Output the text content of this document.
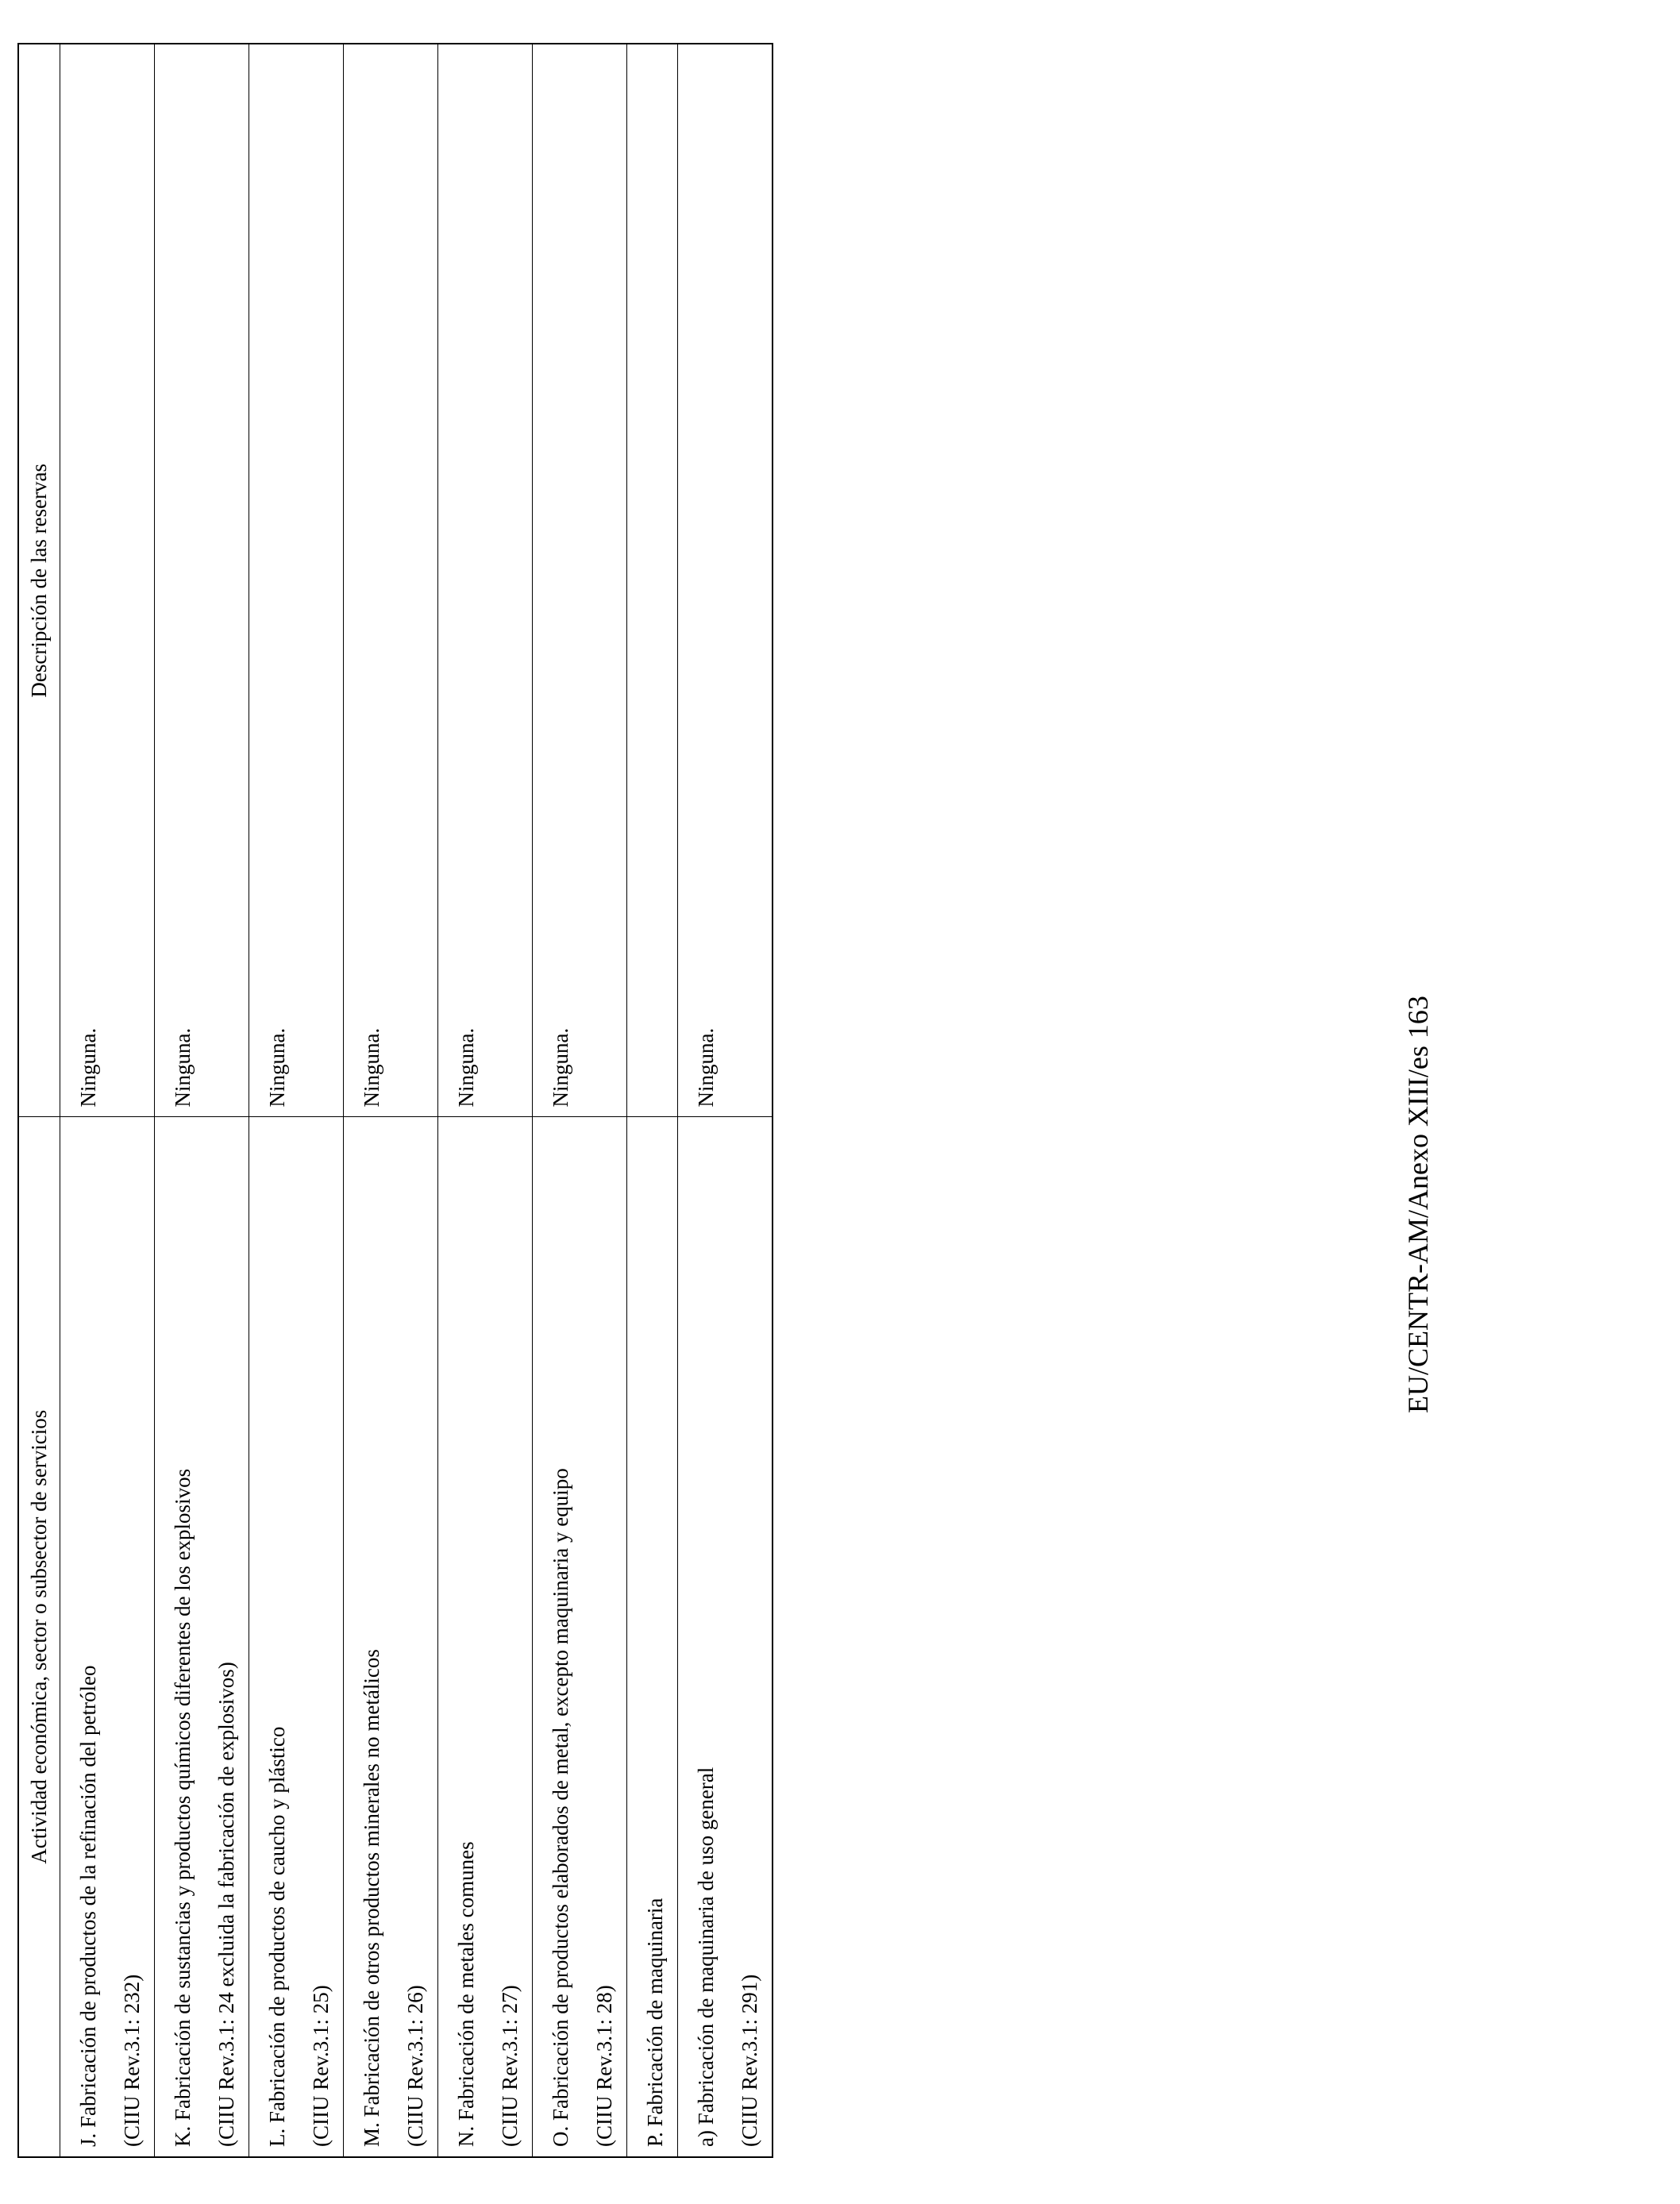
Actividad económica, sector o subsector de servicios	Descripción de las reservas

J. Fabricación de productos de la refinación del petróleo (CIIU Rev.3.1: 232)	Ninguna.

K. Fabricación de sustancias y productos químicos diferentes de los explosivos (CIIU Rev.3.1: 24 excluida la fabricación de explosivos)	Ninguna.

L. Fabricación de productos de caucho y plástico (CIIU Rev.3.1: 25)	Ninguna.

M. Fabricación de otros productos minerales no metálicos (CIIU Rev.3.1: 26)	Ninguna.

N. Fabricación de metales comunes (CIIU Rev.3.1: 27)	Ninguna.

O. Fabricación de productos elaborados de metal, excepto maquinaria y equipo (CIIU Rev.3.1: 28)	Ninguna.

P. Fabricación de maquinaria	

a) Fabricación de maquinaria de uso general (CIIU Rev.3.1: 291)	Ninguna.	EU/CENTR-AM/Anexo XIII/es 163
